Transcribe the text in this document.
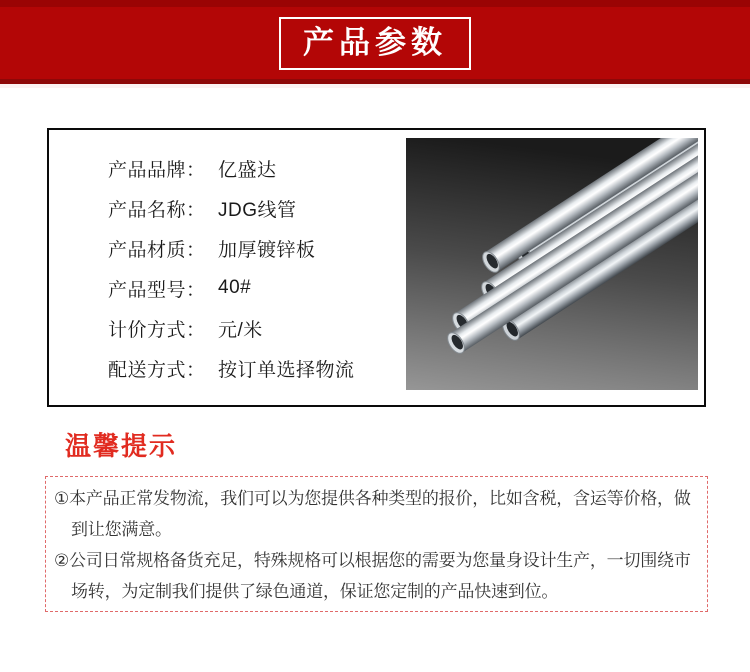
产品参数
产品品牌： 亿盛达
产品名称： JDG线管
产品材质： 加厚镀锌板
产品型号： 40#
计价方式： 元/米
配送方式： 按订单选择物流
温馨提示
①本产品正常发物流，我们可以为您提供各种类型的报价，比如含税，含运等价格，做到让您满意。
②公司日常规格备货充足，特殊规格可以根据您的需要为您量身设计生产，一切围绕市场转，为定制我们提供了绿色通道，保证您定制的产品快速到位。
